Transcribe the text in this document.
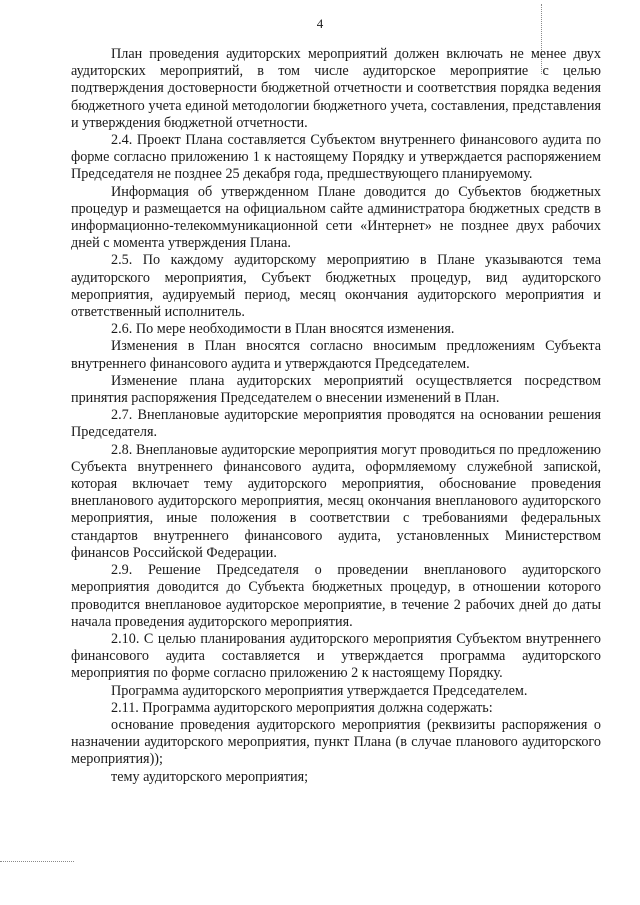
4

План проведения аудиторских мероприятий должен включать не менее двух аудиторских мероприятий, в том числе аудиторское мероприятие с целью подтверждения достоверности бюджетной отчетности и соответствия порядка ведения бюджетного учета единой методологии бюджетного учета, составления, представления и утверждения бюджетной отчетности.

2.4. Проект Плана составляется Субъектом внутреннего финансового аудита по форме согласно приложению 1 к настоящему Порядку и утверждается распоряжением Председателя не позднее 25 декабря года, предшествующего планируемому.

Информация об утвержденном Плане доводится до Субъектов бюджетных процедур и размещается на официальном сайте администратора бюджетных средств в информационно-телекоммуникационной сети «Интернет» не позднее двух рабочих дней с момента утверждения Плана.

2.5. По каждому аудиторскому мероприятию в Плане указываются тема аудиторского мероприятия, Субъект бюджетных процедур, вид аудиторского мероприятия, аудируемый период, месяц окончания аудиторского мероприятия и ответственный исполнитель.

2.6. По мере необходимости в План вносятся изменения.

Изменения в План вносятся согласно вносимым предложениям Субъекта внутреннего финансового аудита и утверждаются Председателем.

Изменение плана аудиторских мероприятий осуществляется посредством принятия распоряжения Председателем о внесении изменений в План.

2.7. Внеплановые аудиторские мероприятия проводятся на основании решения Председателя.

2.8. Внеплановые аудиторские мероприятия могут проводиться по предложению Субъекта внутреннего финансового аудита, оформляемому служебной запиской, которая включает тему аудиторского мероприятия, обоснование проведения внепланового аудиторского мероприятия, месяц окончания внепланового аудиторского мероприятия, иные положения в соответствии с требованиями федеральных стандартов внутреннего финансового аудита, установленных Министерством финансов Российской Федерации.

2.9. Решение Председателя о проведении внепланового аудиторского мероприятия доводится до Субъекта бюджетных процедур, в отношении которого проводится внеплановое аудиторское мероприятие, в течение 2 рабочих дней до даты начала проведения аудиторского мероприятия.

2.10. С целью планирования аудиторского мероприятия Субъектом внутреннего финансового аудита составляется и утверждается программа аудиторского мероприятия по форме согласно приложению 2 к настоящему Порядку.

Программа аудиторского мероприятия утверждается Председателем.

2.11. Программа аудиторского мероприятия должна содержать:

основание проведения аудиторского мероприятия (реквизиты распоряжения о назначении аудиторского мероприятия, пункт Плана (в случае планового аудиторского мероприятия));

тему аудиторского мероприятия;
